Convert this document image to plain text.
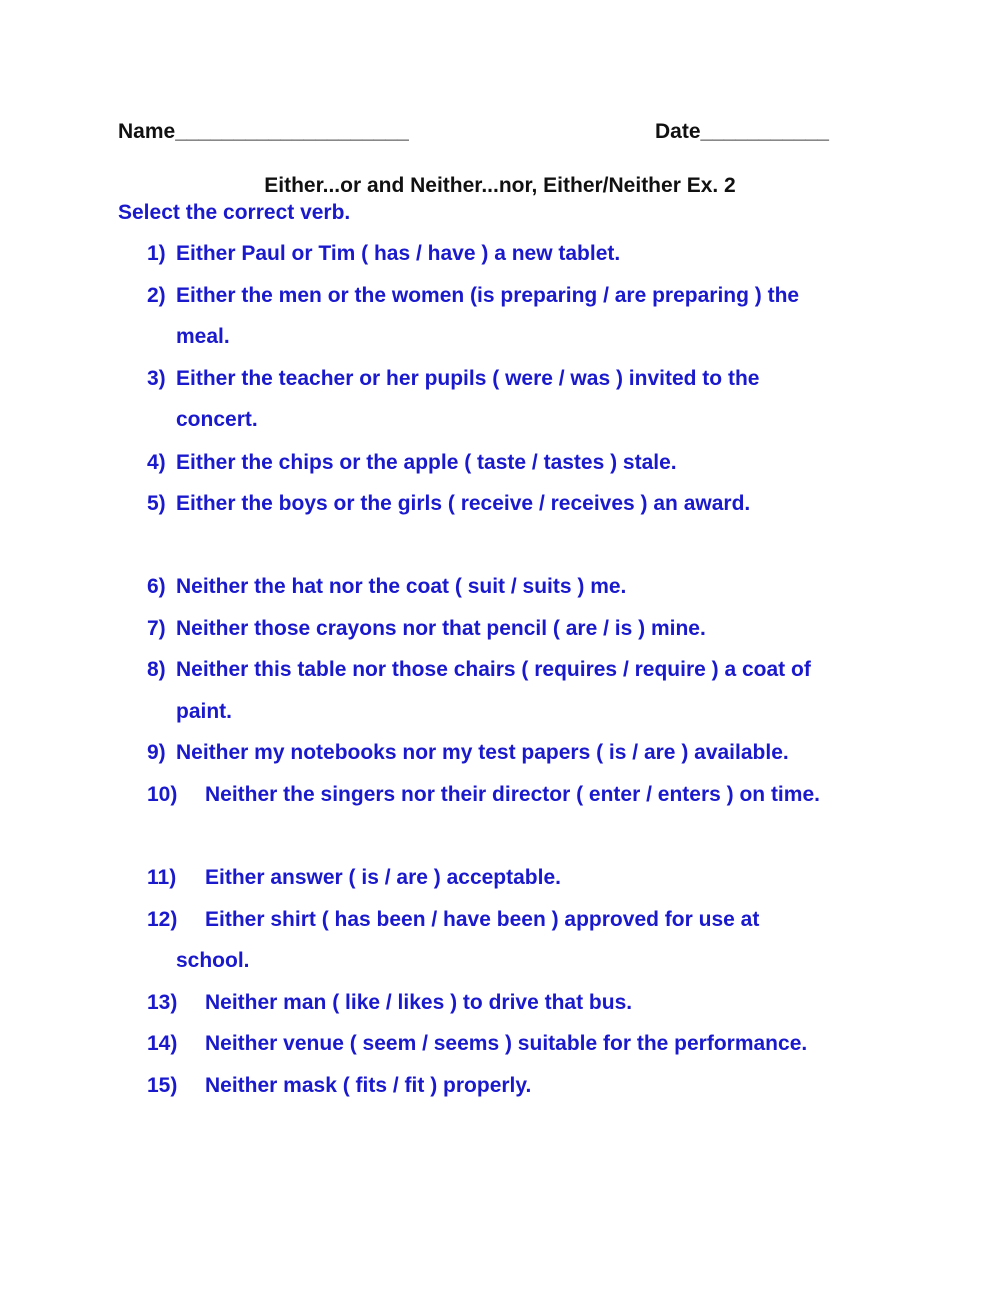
Name____________________	Date___________
Either...or and Neither...nor, Either/Neither Ex. 2
Select the correct verb.
1) Either Paul or Tim ( has / have ) a new tablet.
2) Either the men or the women (is preparing / are preparing ) the
meal.
3) Either the teacher or her pupils ( were / was ) invited to the
concert.
4) Either the chips or the apple ( taste / tastes ) stale.
5) Either the boys or the girls ( receive / receives ) an award.
6) Neither the hat nor the coat ( suit / suits ) me.
7) Neither those crayons nor that pencil ( are / is ) mine.
8) Neither this table nor those chairs ( requires / require ) a coat of
paint.
9) Neither my notebooks nor my test papers ( is / are ) available.
10) Neither the singers nor their director ( enter / enters ) on time.
11) Either answer ( is / are ) acceptable.
12) Either shirt ( has been / have been ) approved for use at
school.
13) Neither man ( like / likes ) to drive that bus.
14) Neither venue ( seem / seems ) suitable for the performance.
15) Neither mask ( fits / fit ) properly.
